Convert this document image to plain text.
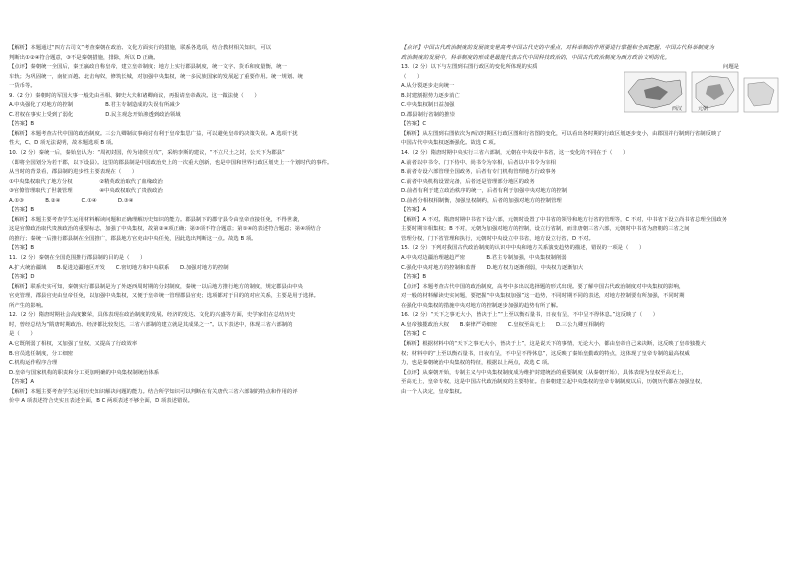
【解析】本题通过“四方古司文”考查秦朝在政治、文化方面实行的措施，联系各选项，结合教材相关知识，可以
判断出①②④符合题意，③不是秦朝措施，排除，所以 D 正确。
【点评】秦朝统一全国后，秦王嬴政自称皇帝，建立皇帝制度；地方上实行郡县制度，统一文字、货币和度量衡，统一
车轨；为巩固统一，南征百越、北击匈奴，修筑长城，对加强中央集权，统一多民族国家的发展起了重要作用。统一规划、统
一货币等。
9.（2 分）秦朝时的军国大事一般先由丞相、御史大夫和诸卿商议，再报请皇帝裁决。这一做法使（　　）
A.中央强化了对地方的控制　　　　　　B.君主专制造成的失误有所减少
C.君权在事实上受到了弱化　　　　　　D.民主观念开始渗透到政治领域
【答案】B
【解析】本题考查古代中国的政治制度。三公九卿制议事商讨有利于皇帝集思广益，可以避免皇帝的决策失误。A 选项干扰
性大，C、D 项无法说明，故本题选项 B 项。
10.（2 分）秦统一后，秦始皇认为：“周初封国，传为诸侯互攻”，采纳李斯的建议，“不立尺土之封，公天下为郡县”
（即将全国划分为若干郡，以下设县）。这里的郡县制是中国政治史上的一次重大创新，也是中国和世界行政区划史上一个划时代的事件。
从当时的背景看，郡县制的进步性主要表现在（　　）
①中央集权取代了地方分权　　　　　②精英政治取代了血缘政治
③官僚管理取代了世袭管理　　　　　④中央政权取代了贵族政治
A.①③　　　　B.②④　　　　C.①④　　　　D.③④
【答案】B
【解析】本题主要考查学生运用材料解读问题和正确理解历史知识的能力。郡县制下的郡守县令由皇帝直接任免，不得世袭，
这是官僚政治取代贵族政治的重要标志，加强了中央集权，故第②④项正确；第③项不符合题意；第①④的表述符合题意；第④项结合
的推行；秦统一后推行郡县制在全国推广，郡县地方官吏由中央任免，因此选出判断这一点。故选 B 项。
【答案】B
11.（2 分）秦朝在全国范围推行郡县制的目的是（　　）
A.扩大统治疆域　　B.促进边疆地区开发　　C.密切地方和中央联系　　D.加强对地方的控制
【答案】D
【解析】联系史实可知，秦朝实行郡县制是为了外逐西周时期的分封制度，秦统一以后地方推行地方的制度，规定郡县由中央
官吏管理，郡县官吏由皇帝任免，以加强中央集权，又便于皇帝统一管理郡县官吏；选项都对于目的的对应关系，主要是用于选择。
所产生的影响。
12.（2 分）隋唐时期社会高度繁荣，具体表现在政治制度的发展、经济的发达、文化的兴盛等方面，史学家们在总结历史
时，曾经总结为“隋唐时期政治、经济都比较发达，三省六部制的建立就是其成果之一”。以下表述中，体现三省六部制的
是（　　）
A.它既削弱了相权，又加强了皇权，又提高了行政效率
B.官员选任制度，分工细密
C.机构运作程序合理
D.皇帝与国家机构的职责和分工更加明确的中央集权制统治体系
【答案】A
【解析】本题主要考查学生运用历史知识解决问题的能力。结合所学知识可以判断在有关唐代三省六部制的特点和作用的评
价中 A 项表述符合史实且表述全面，B C 两项表述不够全面，D 项表述错误。
【点评】中国古代政治制度的发展演变是高考中国古代史的中重点，对科举制的作用要进行掌握和全面把握、中国古代科举制度为
政治制度的发展中，科举制度的形成是最能代表古代中国科技政治的，中国古代政治制度为西方政治文明的化。
13.（2 分）以下与左图到右图行政区的变化所体现的实质	问题是
西汉	元朝
（　　）
A.从分裂逐步走向统一
B.封建割据势力逐步消亡
C.中央集权制日益加强
D.郡县制行省制的推崇
【答案】C
【解析】从左图到右图依次为西汉时期区行政区图和行省图的变化，可以看出各时期的行政区划逐步变小，由郡国并行制到行省制反映了
中国古代中央集权逐渐强化。故选 C 项。
14.（2 分）隋唐时期中央实行三省六部制，元朝在中央设中书省，这一变化的不同在于（　　）
A.前者以中书令、门下侍中、尚书令为宰相，后者以中书令为宰相
B.前者专设六部管理全国政务，后者有专门机构管理地方行政事务
C.前者中央机构设置完备，后者还是管理部分地区的政务
D.前者有利于建立政治秩序的统一，后者有利于加强中央对地方的控制
D.前者分相权相制衡，加强皇权制约，后者的加强对地方的控制管理
【答案】A
【解析】A 不对。隋唐时期中书省下设六部，元朝时设置了中书省的领导和地方行省的管理等，C 不对，中书省下设立尚书省总理全国政务
主要时期宰相集权；B 不对，元朝为加强对地方的控制，设立行省制，而非唐朝三省六部，元朝时中书省为唐朝的三省之间
管理分权，门下省管理和执行，元朝时中央设立中书省，地方设立行省，D 不对。
15.（2 分）下列对我国古代政治制度的认识中中央和地方关系演变趋势的描述，错误的一项是（　　）
A.中央对边疆治理越趋严密　　　　B.君主专制加强，中央集权制削弱
C.强化中央对地方的控制和监督　　D.地方权力逐渐削弱，中央权力逐渐加大
【答案】B
【点评】本题考查古代中国的政治制度，高考中多出以选择题的形式出现。要了解中国古代政治制度对中央集权的影响，
对一般的材料解读史实问题，要把握“中央集权加强”这一趋势，不同时期不同的表述，对地方控制要有所加强，不同时期
在强化中央集权的措施中央对地方的控制逐步加强的趋势有所了解。
16.（2 分）“天下之事无大小，皆决于上”“上至以衡石量书，日夜有呈，不中呈不得休息。”这反映了（　　）
A.皇帝独揽政治大权　　B.秦律严苛细密　　C.皇权至高无上　　D.三公九卿互相制约
【答案】C
【解析】根据材料中的“天下之事无大小，皆决于上”，这是说天下的事情，无论大小，都由皇帝自己来决断，这反映了皇帝独揽大
权；材料中的“上至以衡石量书，日夜有呈，不中呈不得休息”，这反映了秦始皇勤政的特点，这体现了皇帝专制的最高权威
力，也是秦朝统治中央集权的特征，根据以上两点，故选 C 项。
【点评】从秦朝开始，专制主义与中央集权制度成为维护封建统治的重要制度（从秦朝开始），具体表现为皇权至高无上，
至高无上，皇帝专权，这是中国古代政治制度的主要特征。自秦朝建立起中央集权的皇帝专制制度以后，历朝历代都在加强皇权，
由一个人决定，皇帝集权。
